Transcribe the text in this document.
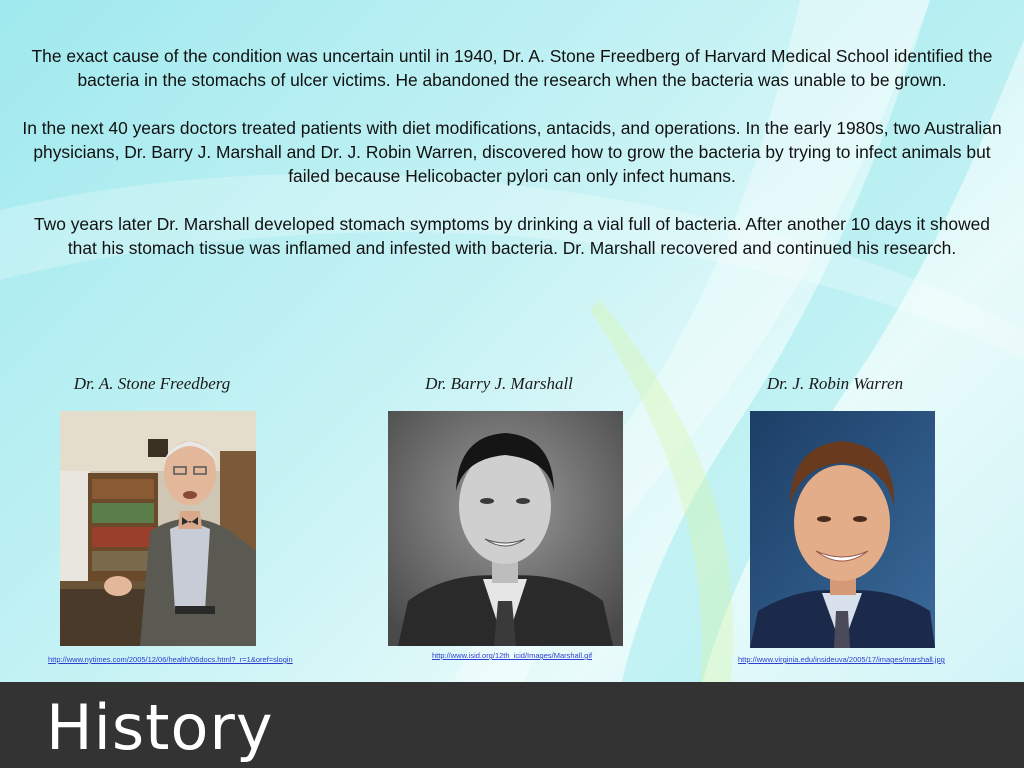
The exact cause of the condition was uncertain until in 1940, Dr. A. Stone Freedberg of Harvard Medical School identified the bacteria in the stomachs of ulcer victims. He abandoned the research when the bacteria was unable to be grown.

In the next 40 years doctors treated patients with diet modifications, antacids, and operations. In the early 1980s, two Australian physicians, Dr. Barry J. Marshall and Dr. J. Robin Warren, discovered how to grow the bacteria by trying to infect animals but failed because Helicobacter pylori can only infect humans.

Two years later Dr. Marshall developed stomach symptoms by drinking a vial full of bacteria. After another 10 days it showed that his stomach tissue was inflamed and infested with bacteria. Dr. Marshall recovered and continued his research.

Dr. A. Stone Freedberg	Dr. Barry J. Marshall	Dr. J. Robin Warren
http://www.nytimes.com/2005/12/06/health/06docs.html?_r=1&oref=slogin	http://www.isid.org/12th_icid/Images/Marshall.gif	http://www.virginia.edu/insideuva/2005/17/images/marshall.jpg
History
